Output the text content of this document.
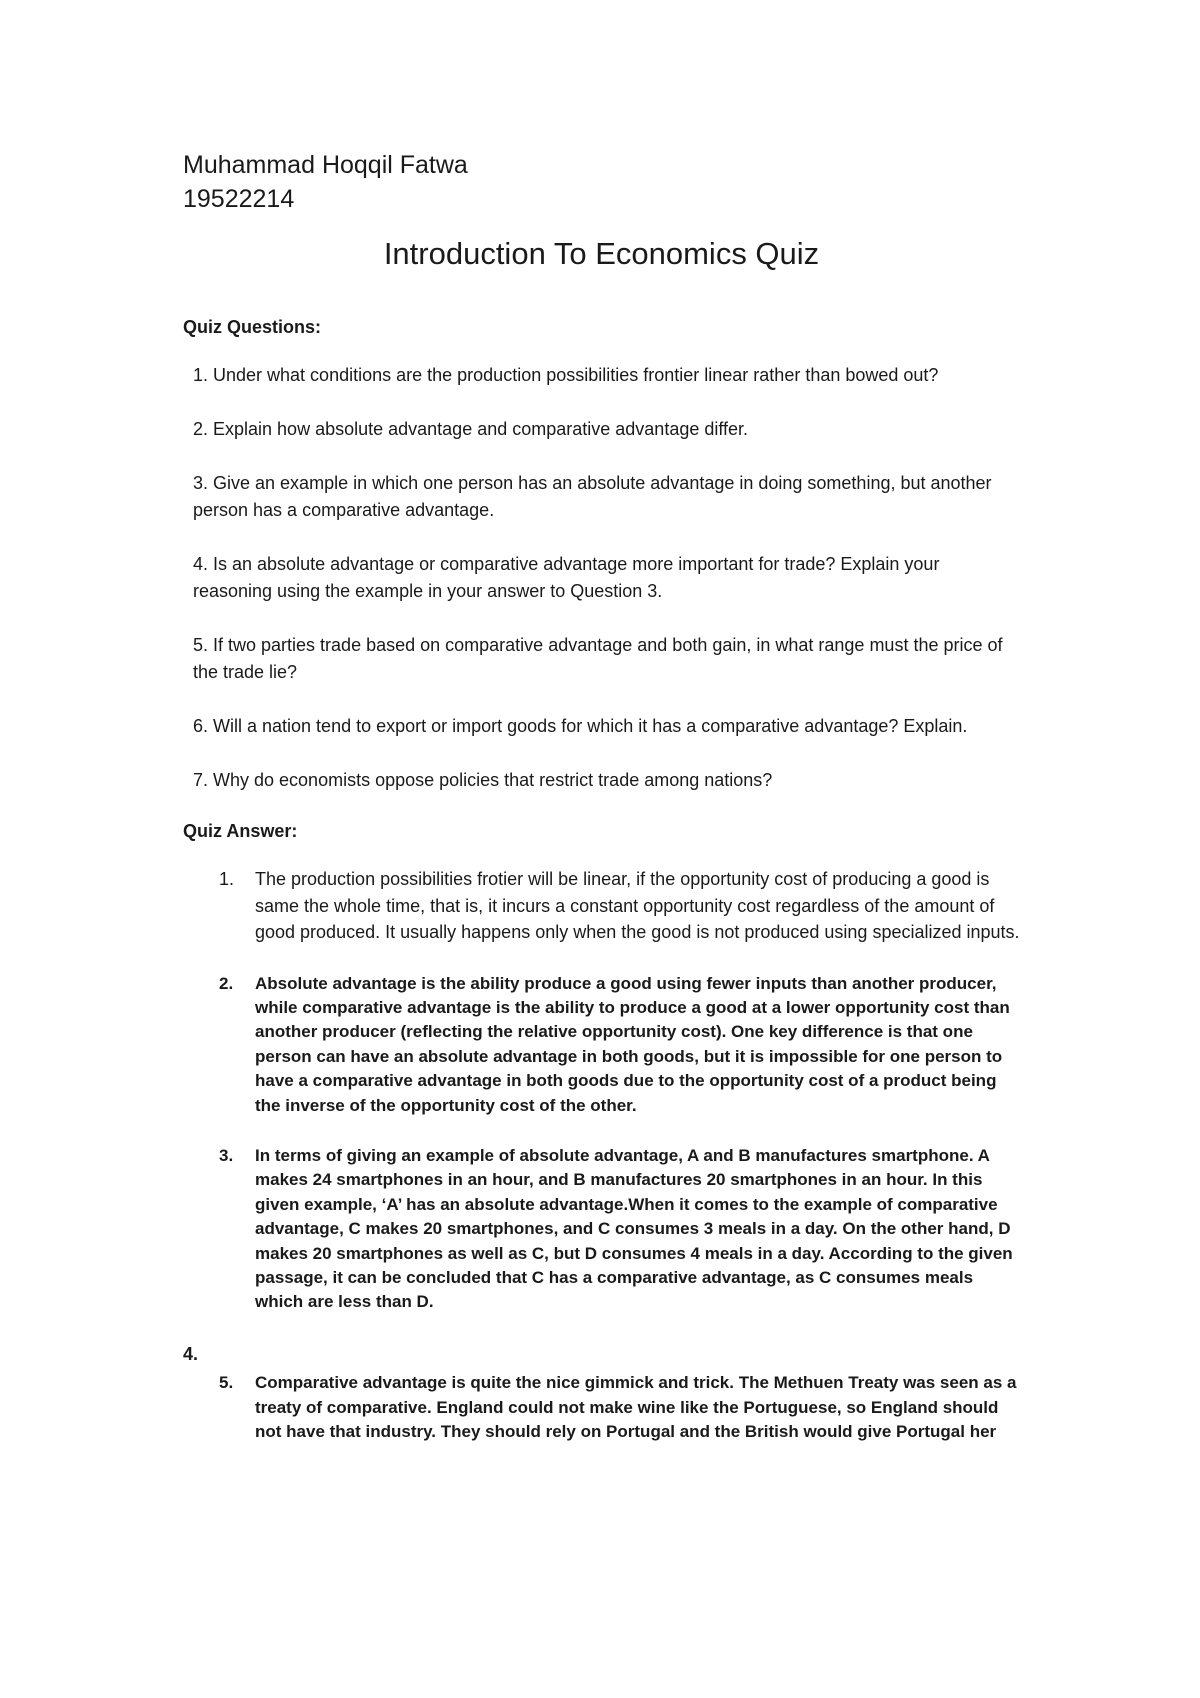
Muhammad Hoqqil Fatwa

19522214

Introduction To Economics Quiz

Quiz Questions:

1. Under what conditions are the production possibilities frontier linear rather than bowed out?
2. Explain how absolute advantage and comparative advantage differ.
3. Give an example in which one person has an absolute advantage in doing something, but another person has a comparative advantage.
4. Is an absolute advantage or comparative advantage more important for trade? Explain your reasoning using the example in your answer to Question 3.
5. If two parties trade based on comparative advantage and both gain, in what range must the price of the trade lie?
6. Will a nation tend to export or import goods for which it has a comparative advantage? Explain.
7. Why do economists oppose policies that restrict trade among nations?

Quiz Answer:

1. The production possibilities frotier will be linear, if the opportunity cost of producing a good is same the whole time, that is, it incurs a constant opportunity cost regardless of the amount of good produced. It usually happens only when the good is not produced using specialized inputs.
2. Absolute advantage is the ability produce a good using fewer inputs than another producer, while comparative advantage is the ability to produce a good at a lower opportunity cost than another producer (reflecting the relative opportunity cost). One key difference is that one person can have an absolute advantage in both goods, but it is impossible for one person to have a comparative advantage in both goods due to the opportunity cost of a product being the inverse of the opportunity cost of the other.
3. In terms of giving an example of absolute advantage, A and B manufactures smartphone. A makes 24 smartphones in an hour, and B manufactures 20 smartphones in an hour. In this given example, ‘A’ has an absolute advantage.When it comes to the example of comparative advantage, C makes 20 smartphones, and C consumes 3 meals in a day. On the other hand, D makes 20 smartphones as well as C, but D consumes 4 meals in a day. According to the given passage, it can be concluded that C has a comparative advantage, as C consumes meals which are less than D.
4.
5. Comparative advantage is quite the nice gimmick and trick. The Methuen Treaty was seen as a treaty of comparative. England could not make wine like the Portuguese, so England should not have that industry. They should rely on Portugal and the British would give Portugal her
